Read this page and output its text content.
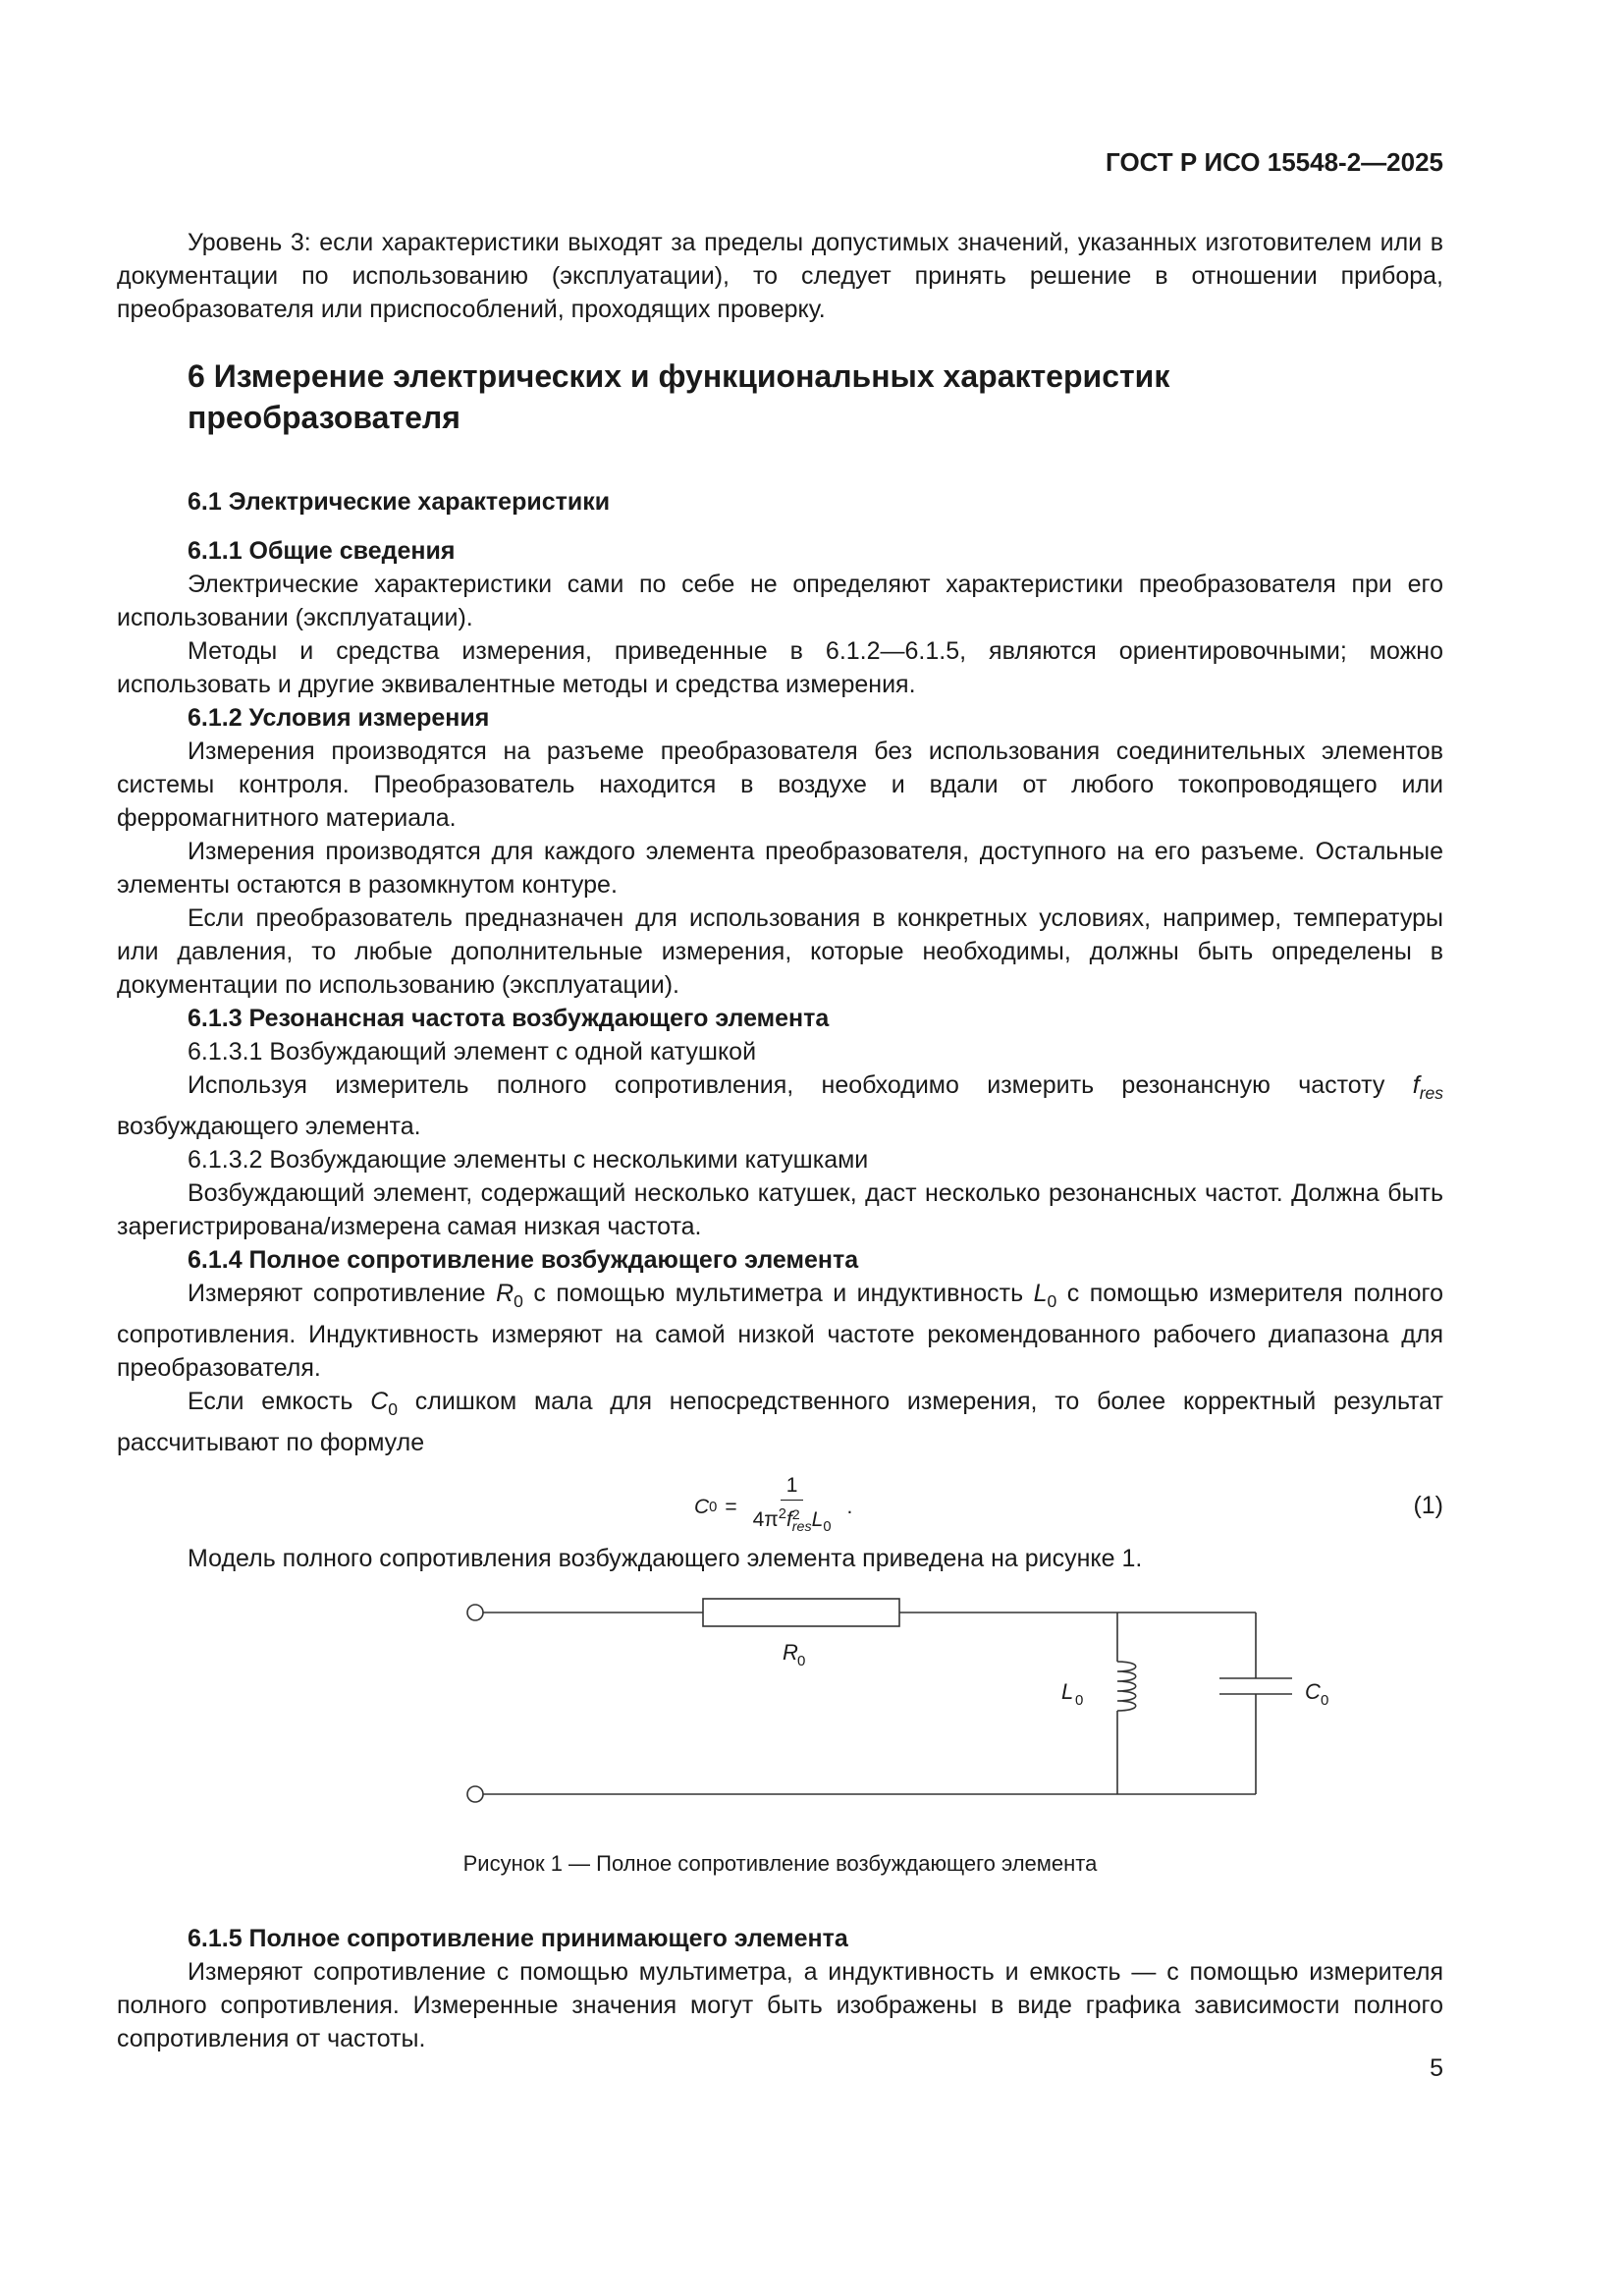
ГОСТ Р ИСО 15548-2—2025

Уровень 3: если характеристики выходят за пределы допустимых значений, указанных изготовителем или в документации по использованию (эксплуатации), то следует принять решение в отношении прибора, преобразователя или приспособлений, проходящих проверку.

6 Измерение электрических и функциональных характеристик преобразователя

6.1 Электрические характеристики

6.1.1 Общие сведения

Электрические характеристики сами по себе не определяют характеристики преобразователя при его использовании (эксплуатации).

Методы и средства измерения, приведенные в 6.1.2—6.1.5, являются ориентировочными; можно использовать и другие эквивалентные методы и средства измерения.

6.1.2 Условия измерения

Измерения производятся на разъеме преобразователя без использования соединительных элементов системы контроля. Преобразователь находится в воздухе и вдали от любого токопроводящего или ферромагнитного материала.

Измерения производятся для каждого элемента преобразователя, доступного на его разъеме. Остальные элементы остаются в разомкнутом контуре.

Если преобразователь предназначен для использования в конкретных условиях, например, температуры или давления, то любые дополнительные измерения, которые необходимы, должны быть определены в документации по использованию (эксплуатации).

6.1.3 Резонансная частота возбуждающего элемента

6.1.3.1 Возбуждающий элемент с одной катушкой

Используя измеритель полного сопротивления, необходимо измерить резонансную частоту $f_{res}$ возбуждающего элемента.

6.1.3.2 Возбуждающие элементы с несколькими катушками

Возбуждающий элемент, содержащий несколько катушек, даст несколько резонансных частот. Должна быть зарегистрирована/измерена самая низкая частота.

6.1.4 Полное сопротивление возбуждающего элемента

Измеряют сопротивление $R_0$ с помощью мультиметра и индуктивность $L_0$ с помощью измерителя полного сопротивления. Индуктивность измеряют на самой низкой частоте рекомендованного рабочего диапазона для преобразователя.

Если емкость $C_0$ слишком мала для непосредственного измерения, то более корректный результат рассчитывают по формуле

C 0 = 1
$4\pi^2f$ 2
res $L_0$ .	(1)

Модель полного сопротивления возбуждающего элемента приведена на рисунке 1.

R 0
L 0	C 0

Рисунок 1 — Полное сопротивление возбуждающего элемента

6.1.5 Полное сопротивление принимающего элемента

Измеряют сопротивление с помощью мультиметра, а индуктивность и емкость — с помощью измерителя полного сопротивления. Измеренные значения могут быть изображены в виде графика зависимости полного сопротивления от частоты.

5
